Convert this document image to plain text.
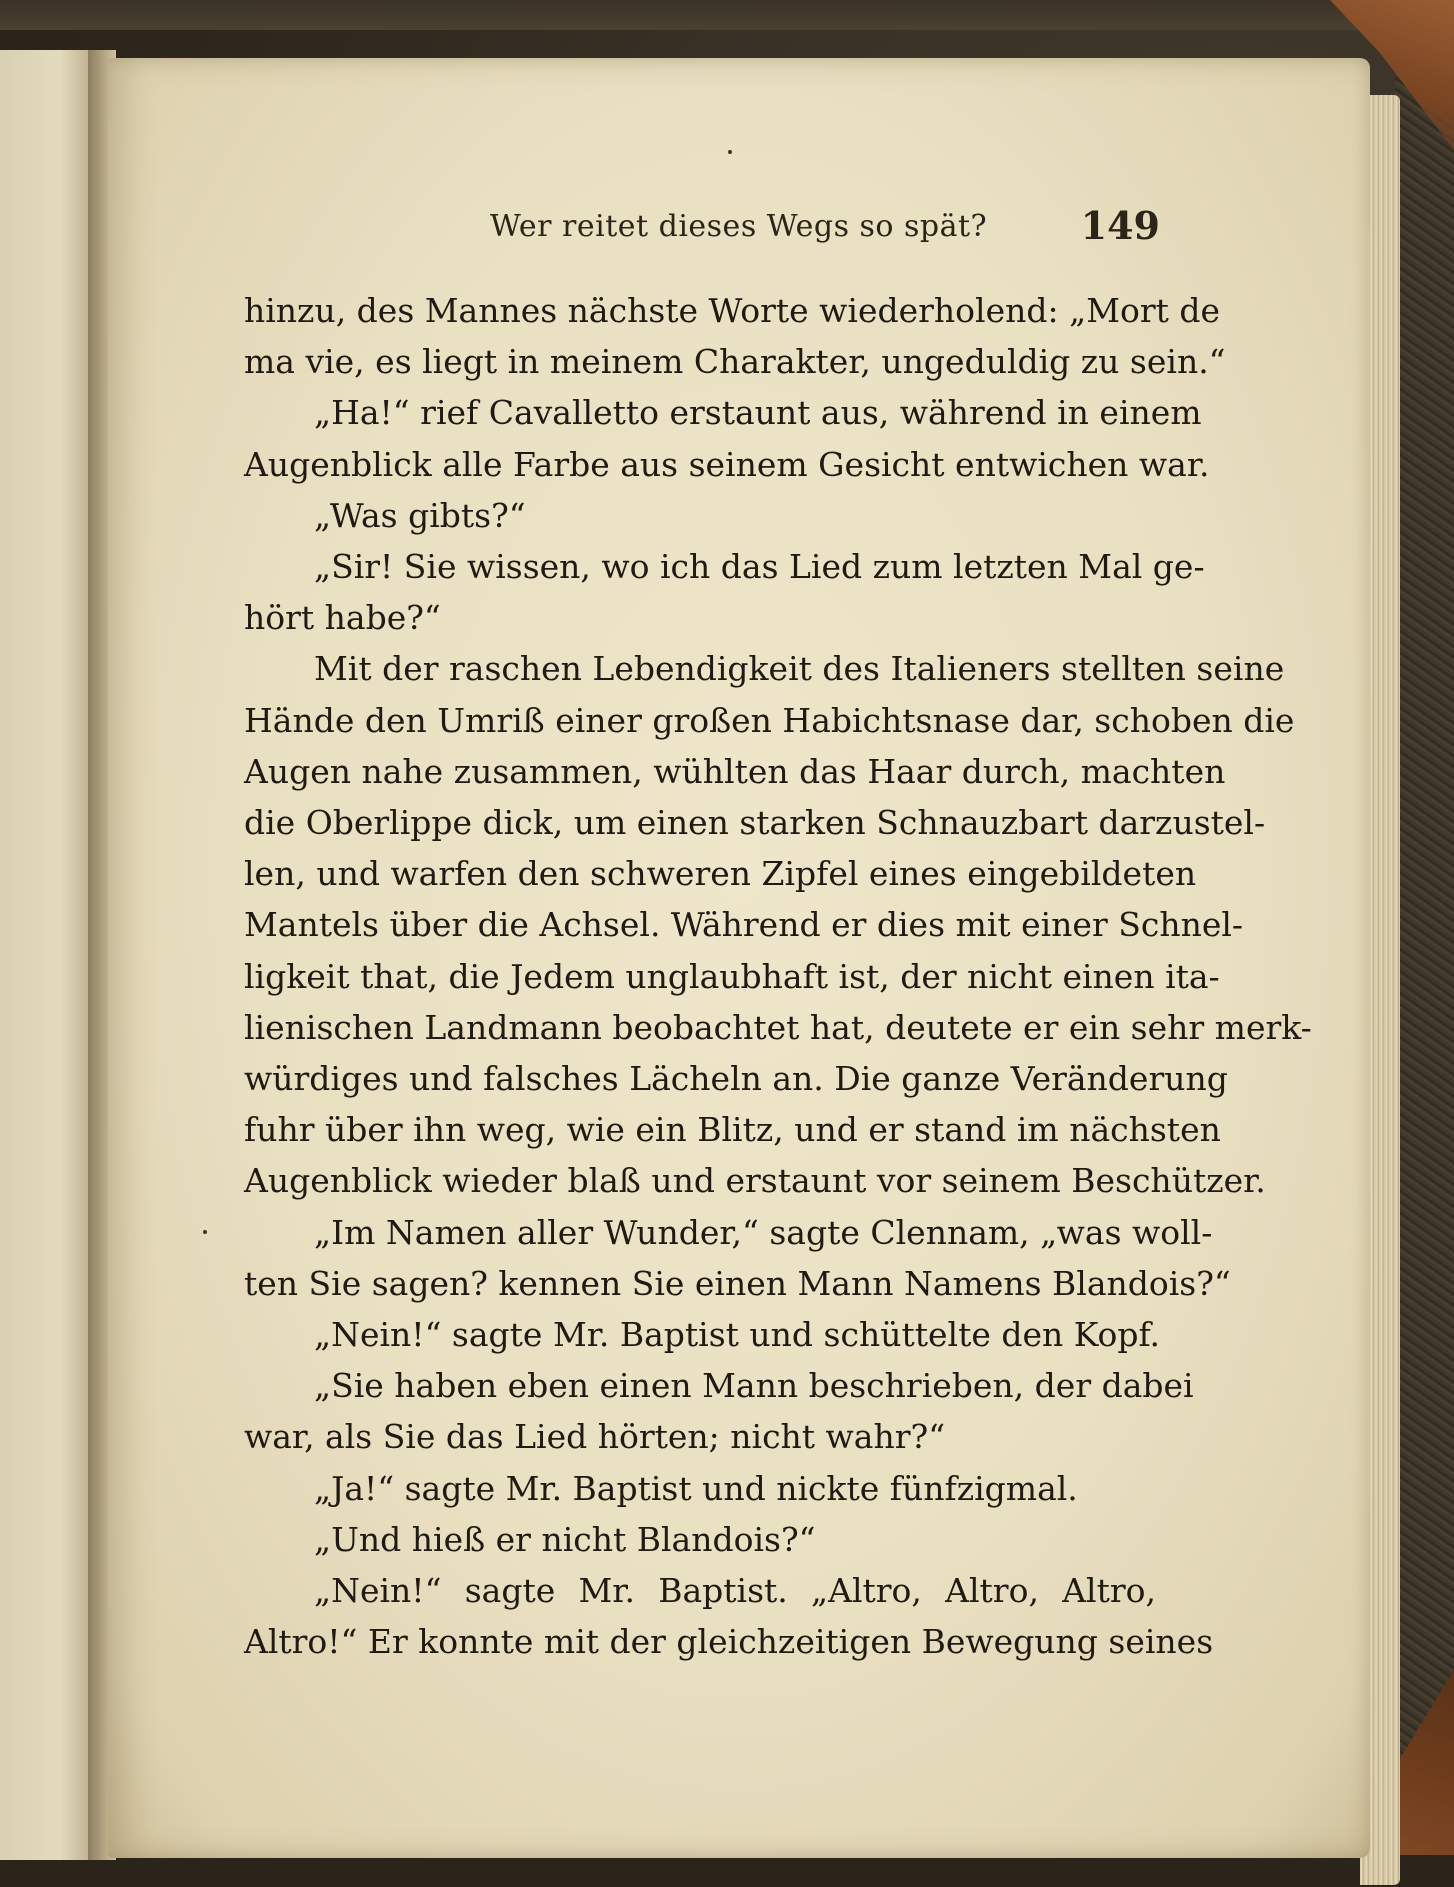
Wer reitet dieses Wegs so spät? 149
hinzu, des Mannes nächste Worte wiederholend: „Mort de
ma vie, es liegt in meinem Charakter, ungeduldig zu sein.“
„Ha!“ rief Cavalletto erstaunt aus, während in einem
Augenblick alle Farbe aus seinem Gesicht entwichen war.
„Was gibts?“
„Sir! Sie wissen, wo ich das Lied zum letzten Mal ge-
hört habe?“
Mit der raschen Lebendigkeit des Italieners stellten seine
Hände den Umriß einer großen Habichtsnase dar, schoben die
Augen nahe zusammen, wühlten das Haar durch, machten
die Oberlippe dick, um einen starken Schnauzbart darzustel-
len, und warfen den schweren Zipfel eines eingebildeten
Mantels über die Achsel. Während er dies mit einer Schnel-
ligkeit that, die Jedem unglaubhaft ist, der nicht einen ita-
lienischen Landmann beobachtet hat, deutete er ein sehr merk-
würdiges und falsches Lächeln an. Die ganze Veränderung
fuhr über ihn weg, wie ein Blitz, und er stand im nächsten
Augenblick wieder blaß und erstaunt vor seinem Beschützer.
„Im Namen aller Wunder,“ sagte Clennam, „was woll-
ten Sie sagen? kennen Sie einen Mann Namens Blandois?“
„Nein!“ sagte Mr. Baptist und schüttelte den Kopf.
„Sie haben eben einen Mann beschrieben, der dabei
war, als Sie das Lied hörten; nicht wahr?“
„Ja!“ sagte Mr. Baptist und nickte fünfzigmal.
„Und hieß er nicht Blandois?“
„Nein!“ sagte Mr. Baptist. „Altro, Altro, Altro,
Altro!“ Er konnte mit der gleichzeitigen Bewegung seines
